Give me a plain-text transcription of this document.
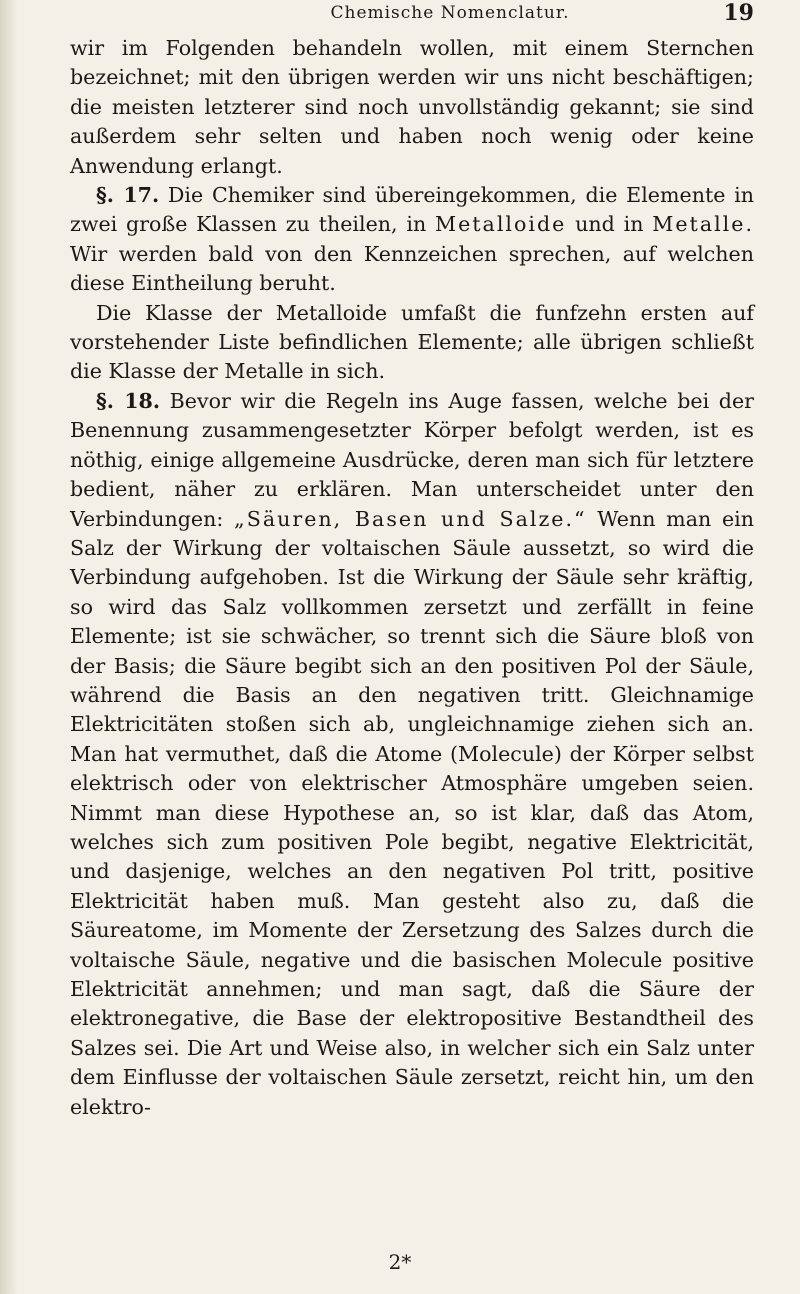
Chemische Nomenclatur.	19

wir im Folgenden behandeln wollen, mit einem Sternchen bezeichnet; mit den übrigen werden wir uns nicht beschäftigen; die meisten letzterer sind noch unvollständig gekannt; sie sind außerdem sehr selten und haben noch wenig oder keine Anwendung erlangt.

§. 17. Die Chemiker sind übereingekommen, die Elemente in zwei große Klassen zu theilen, in Metalloide und in Metalle. Wir werden bald von den Kennzeichen sprechen, auf welchen diese Eintheilung beruht.

Die Klasse der Metalloide umfaßt die funfzehn ersten auf vorstehender Liste befindlichen Elemente; alle übrigen schließt die Klasse der Metalle in sich.

§. 18. Bevor wir die Regeln ins Auge fassen, welche bei der Benennung zusammengesetzter Körper befolgt werden, ist es nöthig, einige allgemeine Ausdrücke, deren man sich für letztere bedient, näher zu erklären. Man unterscheidet unter den Verbindungen: „Säuren, Basen und Salze.“ Wenn man ein Salz der Wirkung der voltaischen Säule aussetzt, so wird die Verbindung aufgehoben. Ist die Wirkung der Säule sehr kräftig, so wird das Salz vollkommen zersetzt und zerfällt in feine Elemente; ist sie schwächer, so trennt sich die Säure bloß von der Basis; die Säure begibt sich an den positiven Pol der Säule, während die Basis an den negativen tritt. Gleichnamige Elektricitäten stoßen sich ab, ungleichnamige ziehen sich an. Man hat vermuthet, daß die Atome (Molecule) der Körper selbst elektrisch oder von elektrischer Atmosphäre umgeben seien. Nimmt man diese Hypothese an, so ist klar, daß das Atom, welches sich zum positiven Pole begibt, negative Elektricität, und dasjenige, welches an den negativen Pol tritt, positive Elektricität haben muß. Man gesteht also zu, daß die Säureatome, im Momente der Zersetzung des Salzes durch die voltaische Säule, negative und die basischen Molecule positive Elektricität annehmen; und man sagt, daß die Säure der elektronegative, die Base der elektropositive Bestandtheil des Salzes sei. Die Art und Weise also, in welcher sich ein Salz unter dem Einflusse der voltaischen Säule zersetzt, reicht hin, um den elektro-

2*
